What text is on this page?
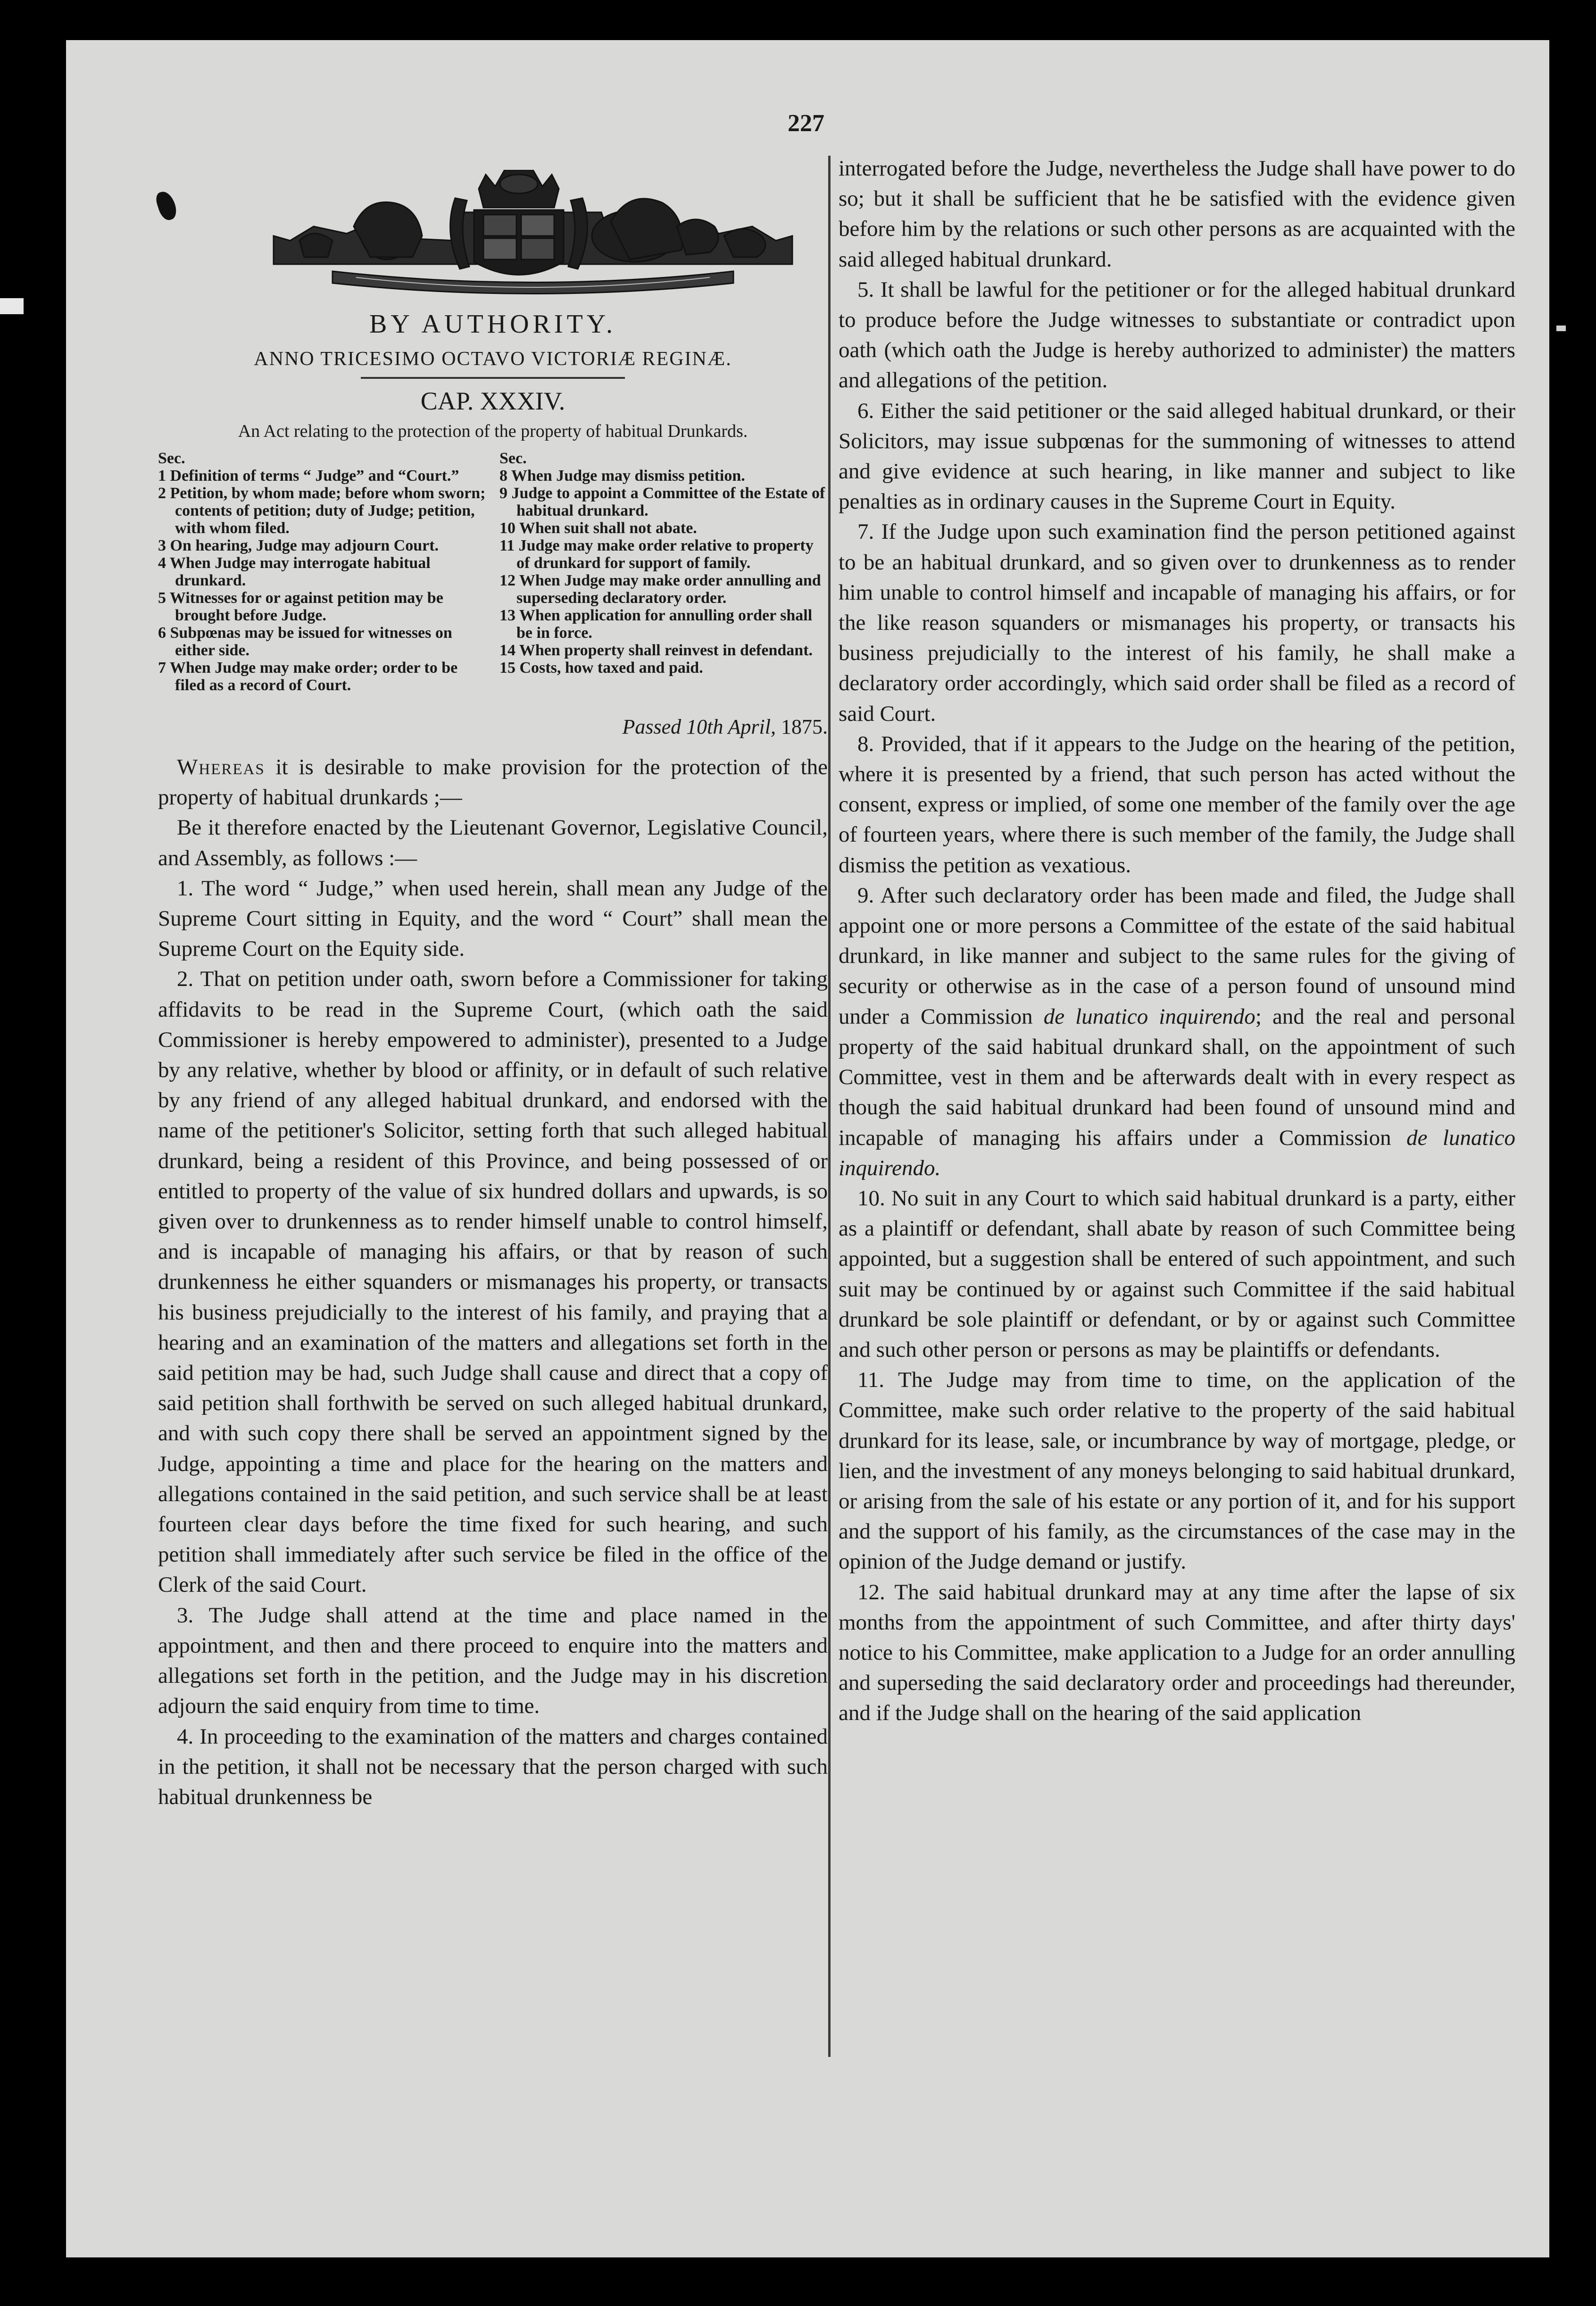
227
BY AUTHORITY.
ANNO TRICESIMO OCTAVO VICTORIÆ REGINÆ.
CAP. XXXIV.
An Act relating to the protection of the property of habitual Drunkards.
Sec.
1 Definition of terms “ Judge” and “Court.”
2 Petition, by whom made; before whom sworn; contents of petition; duty of Judge; petition, with whom filed.
3 On hearing, Judge may adjourn Court.
4 When Judge may interrogate habitual drunkard.
5 Witnesses for or against petition may be brought before Judge.
6 Subpœnas may be issued for witnesses on either side.
7 When Judge may make order; order to be filed as a record of Court.
Sec.
8 When Judge may dismiss petition.
9 Judge to appoint a Committee of the Estate of habitual drunkard.
10 When suit shall not abate.
11 Judge may make order relative to property of drunkard for support of family.
12 When Judge may make order annulling and superseding declaratory order.
13 When application for annulling order shall be in force.
14 When property shall reinvest in defendant.
15 Costs, how taxed and paid.
Passed 10th April, 1875.

Whereas it is desirable to make provision for the protection of the property of habitual drunkards ;—

Be it therefore enacted by the Lieutenant Governor, Legislative Council, and Assembly, as follows :—

1. The word “ Judge,” when used herein, shall mean any Judge of the Supreme Court sitting in Equity, and the word “ Court” shall mean the Supreme Court on the Equity side.

2. That on petition under oath, sworn before a Commissioner for taking affidavits to be read in the Supreme Court, (which oath the said Commissioner is hereby empowered to administer), presented to a Judge by any relative, whether by blood or affinity, or in default of such relative by any friend of any alleged habitual drunkard, and endorsed with the name of the petitioner's Solicitor, setting forth that such alleged habitual drunkard, being a resident of this Province, and being possessed of or entitled to property of the value of six hundred dollars and upwards, is so given over to drunkenness as to render himself unable to control himself, and is incapable of managing his affairs, or that by reason of such drunkenness he either squanders or mismanages his property, or transacts his business prejudicially to the interest of his family, and praying that a hearing and an examination of the matters and allegations set forth in the said petition may be had, such Judge shall cause and direct that a copy of said petition shall forthwith be served on such alleged habitual drunkard, and with such copy there shall be served an appointment signed by the Judge, appointing a time and place for the hearing on the matters and allegations contained in the said petition, and such service shall be at least fourteen clear days before the time fixed for such hearing, and such petition shall immediately after such service be filed in the office of the Clerk of the said Court.

3. The Judge shall attend at the time and place named in the appointment, and then and there proceed to enquire into the matters and allegations set forth in the petition, and the Judge may in his discretion adjourn the said enquiry from time to time.

4. In proceeding to the examination of the matters and charges contained in the petition, it shall not be necessary that the person charged with such habitual drunkenness be

interrogated before the Judge, nevertheless the Judge shall have power to do so; but it shall be sufficient that he be satisfied with the evidence given before him by the relations or such other persons as are acquainted with the said alleged habitual drunkard.

5. It shall be lawful for the petitioner or for the alleged habitual drunkard to produce before the Judge witnesses to substantiate or contradict upon oath (which oath the Judge is hereby authorized to administer) the matters and allegations of the petition.

6. Either the said petitioner or the said alleged habitual drunkard, or their Solicitors, may issue subpœnas for the summoning of witnesses to attend and give evidence at such hearing, in like manner and subject to like penalties as in ordinary causes in the Supreme Court in Equity.

7. If the Judge upon such examination find the person petitioned against to be an habitual drunkard, and so given over to drunkenness as to render him unable to control himself and incapable of managing his affairs, or for the like reason squanders or mismanages his property, or transacts his business prejudicially to the interest of his family, he shall make a declaratory order accordingly, which said order shall be filed as a record of said Court.

8. Provided, that if it appears to the Judge on the hearing of the petition, where it is presented by a friend, that such person has acted without the consent, express or implied, of some one member of the family over the age of fourteen years, where there is such member of the family, the Judge shall dismiss the petition as vexatious.

9. After such declaratory order has been made and filed, the Judge shall appoint one or more persons a Committee of the estate of the said habitual drunkard, in like manner and subject to the same rules for the giving of security or otherwise as in the case of a person found of unsound mind under a Commission de lunatico inquirendo; and the real and personal property of the said habitual drunkard shall, on the appointment of such Committee, vest in them and be afterwards dealt with in every respect as though the said habitual drunkard had been found of unsound mind and incapable of managing his affairs under a Commission de lunatico inquirendo.

10. No suit in any Court to which said habitual drunkard is a party, either as a plaintiff or defendant, shall abate by reason of such Committee being appointed, but a suggestion shall be entered of such appointment, and such suit may be continued by or against such Committee if the said habitual drunkard be sole plaintiff or defendant, or by or against such Committee and such other person or persons as may be plaintiffs or defendants.

11. The Judge may from time to time, on the application of the Committee, make such order relative to the property of the said habitual drunkard for its lease, sale, or incumbrance by way of mortgage, pledge, or lien, and the investment of any moneys belonging to said habitual drunkard, or arising from the sale of his estate or any portion of it, and for his support and the support of his family, as the circumstances of the case may in the opinion of the Judge demand or justify.

12. The said habitual drunkard may at any time after the lapse of six months from the appointment of such Committee, and after thirty days' notice to his Committee, make application to a Judge for an order annulling and superseding the said declaratory order and proceedings had thereunder, and if the Judge shall on the hearing of the said application
